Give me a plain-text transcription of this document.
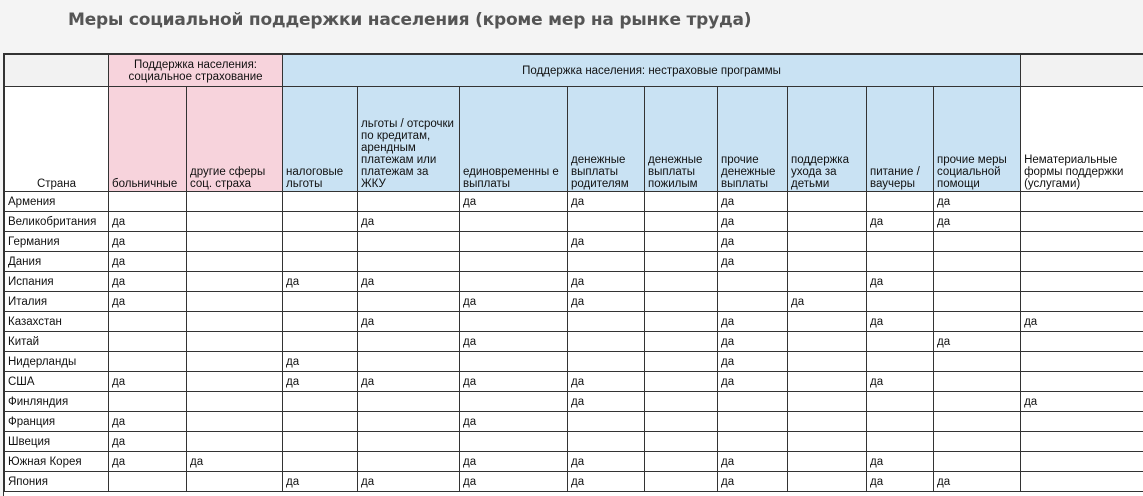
Меры социальной поддержки населения (кроме мер на рынке труда)
	Поддержка населения: социальное страхование		Поддержка населения: нестраховые программы									
Страна	больничные	другие сферы соц. страха	налоговые льготы	льготы / отсрочки по кредитам, арендным платежам или платежам за ЖКУ	единовременны е выплаты	денежные выплаты родителям	денежные выплаты пожилым	прочие денежные выплаты	поддержка ухода за детьми	питание / ваучеры	прочие меры социальной помощи	Нематериальные формы поддержки (услугами)
Армения					да	да		да			да	
Великобритания	да			да				да		да	да	
Германия	да					да		да				
Дания	да							да				
Испания	да		да	да		да				да		
Италия	да				да	да			да			
Казахстан				да				да		да		да
Китай					да			да			да	
Нидерланды			да					да				
США	да		да	да	да	да		да		да		
Финляндия						да						да
Франция	да				да							
Швеция	да											
Южная Корея	да	да			да	да		да		да		
Япония			да	да	да	да		да		да	да	
